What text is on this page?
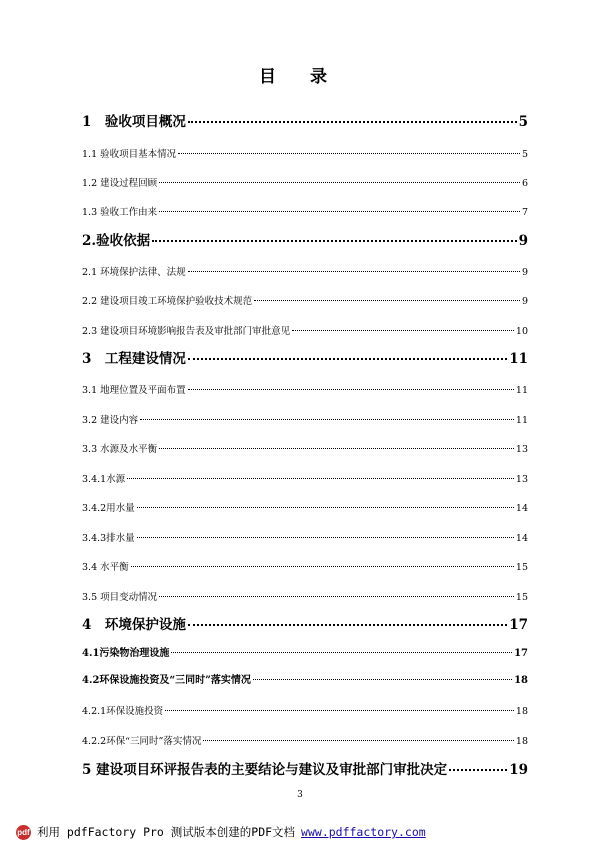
目 录
1　验收项目概况	5
1.1 验收项目基本情况	5
1.2 建设过程回顾	6
1.3 验收工作由来	7
2.验收依据	9
2.1 环境保护法律、法规	9
2.2 建设项目竣工环境保护验收技术规范	9
2.3 建设项目环境影响报告表及审批部门审批意见	10
3　工程建设情况	11
3.1 地理位置及平面布置	11
3.2 建设内容	11
3.3 水源及水平衡	13
3.4.1水源	13
3.4.2用水量	14
3.4.3排水量	14
3.4 水平衡	15
3.5 项目变动情况	15
4　环境保护设施	17
4.1污染物治理设施	17
4.2环保设施投资及“三同时”落实情况	18
4.2.1环保设施投资	18
4.2.2环保“三同时”落实情况	18
5 建设项目环评报告表的主要结论与建议及审批部门审批决定	19
3
pdf 利用 pdfFactory Pro 测试版本创建的PDF文档 www.pdffactory.com
